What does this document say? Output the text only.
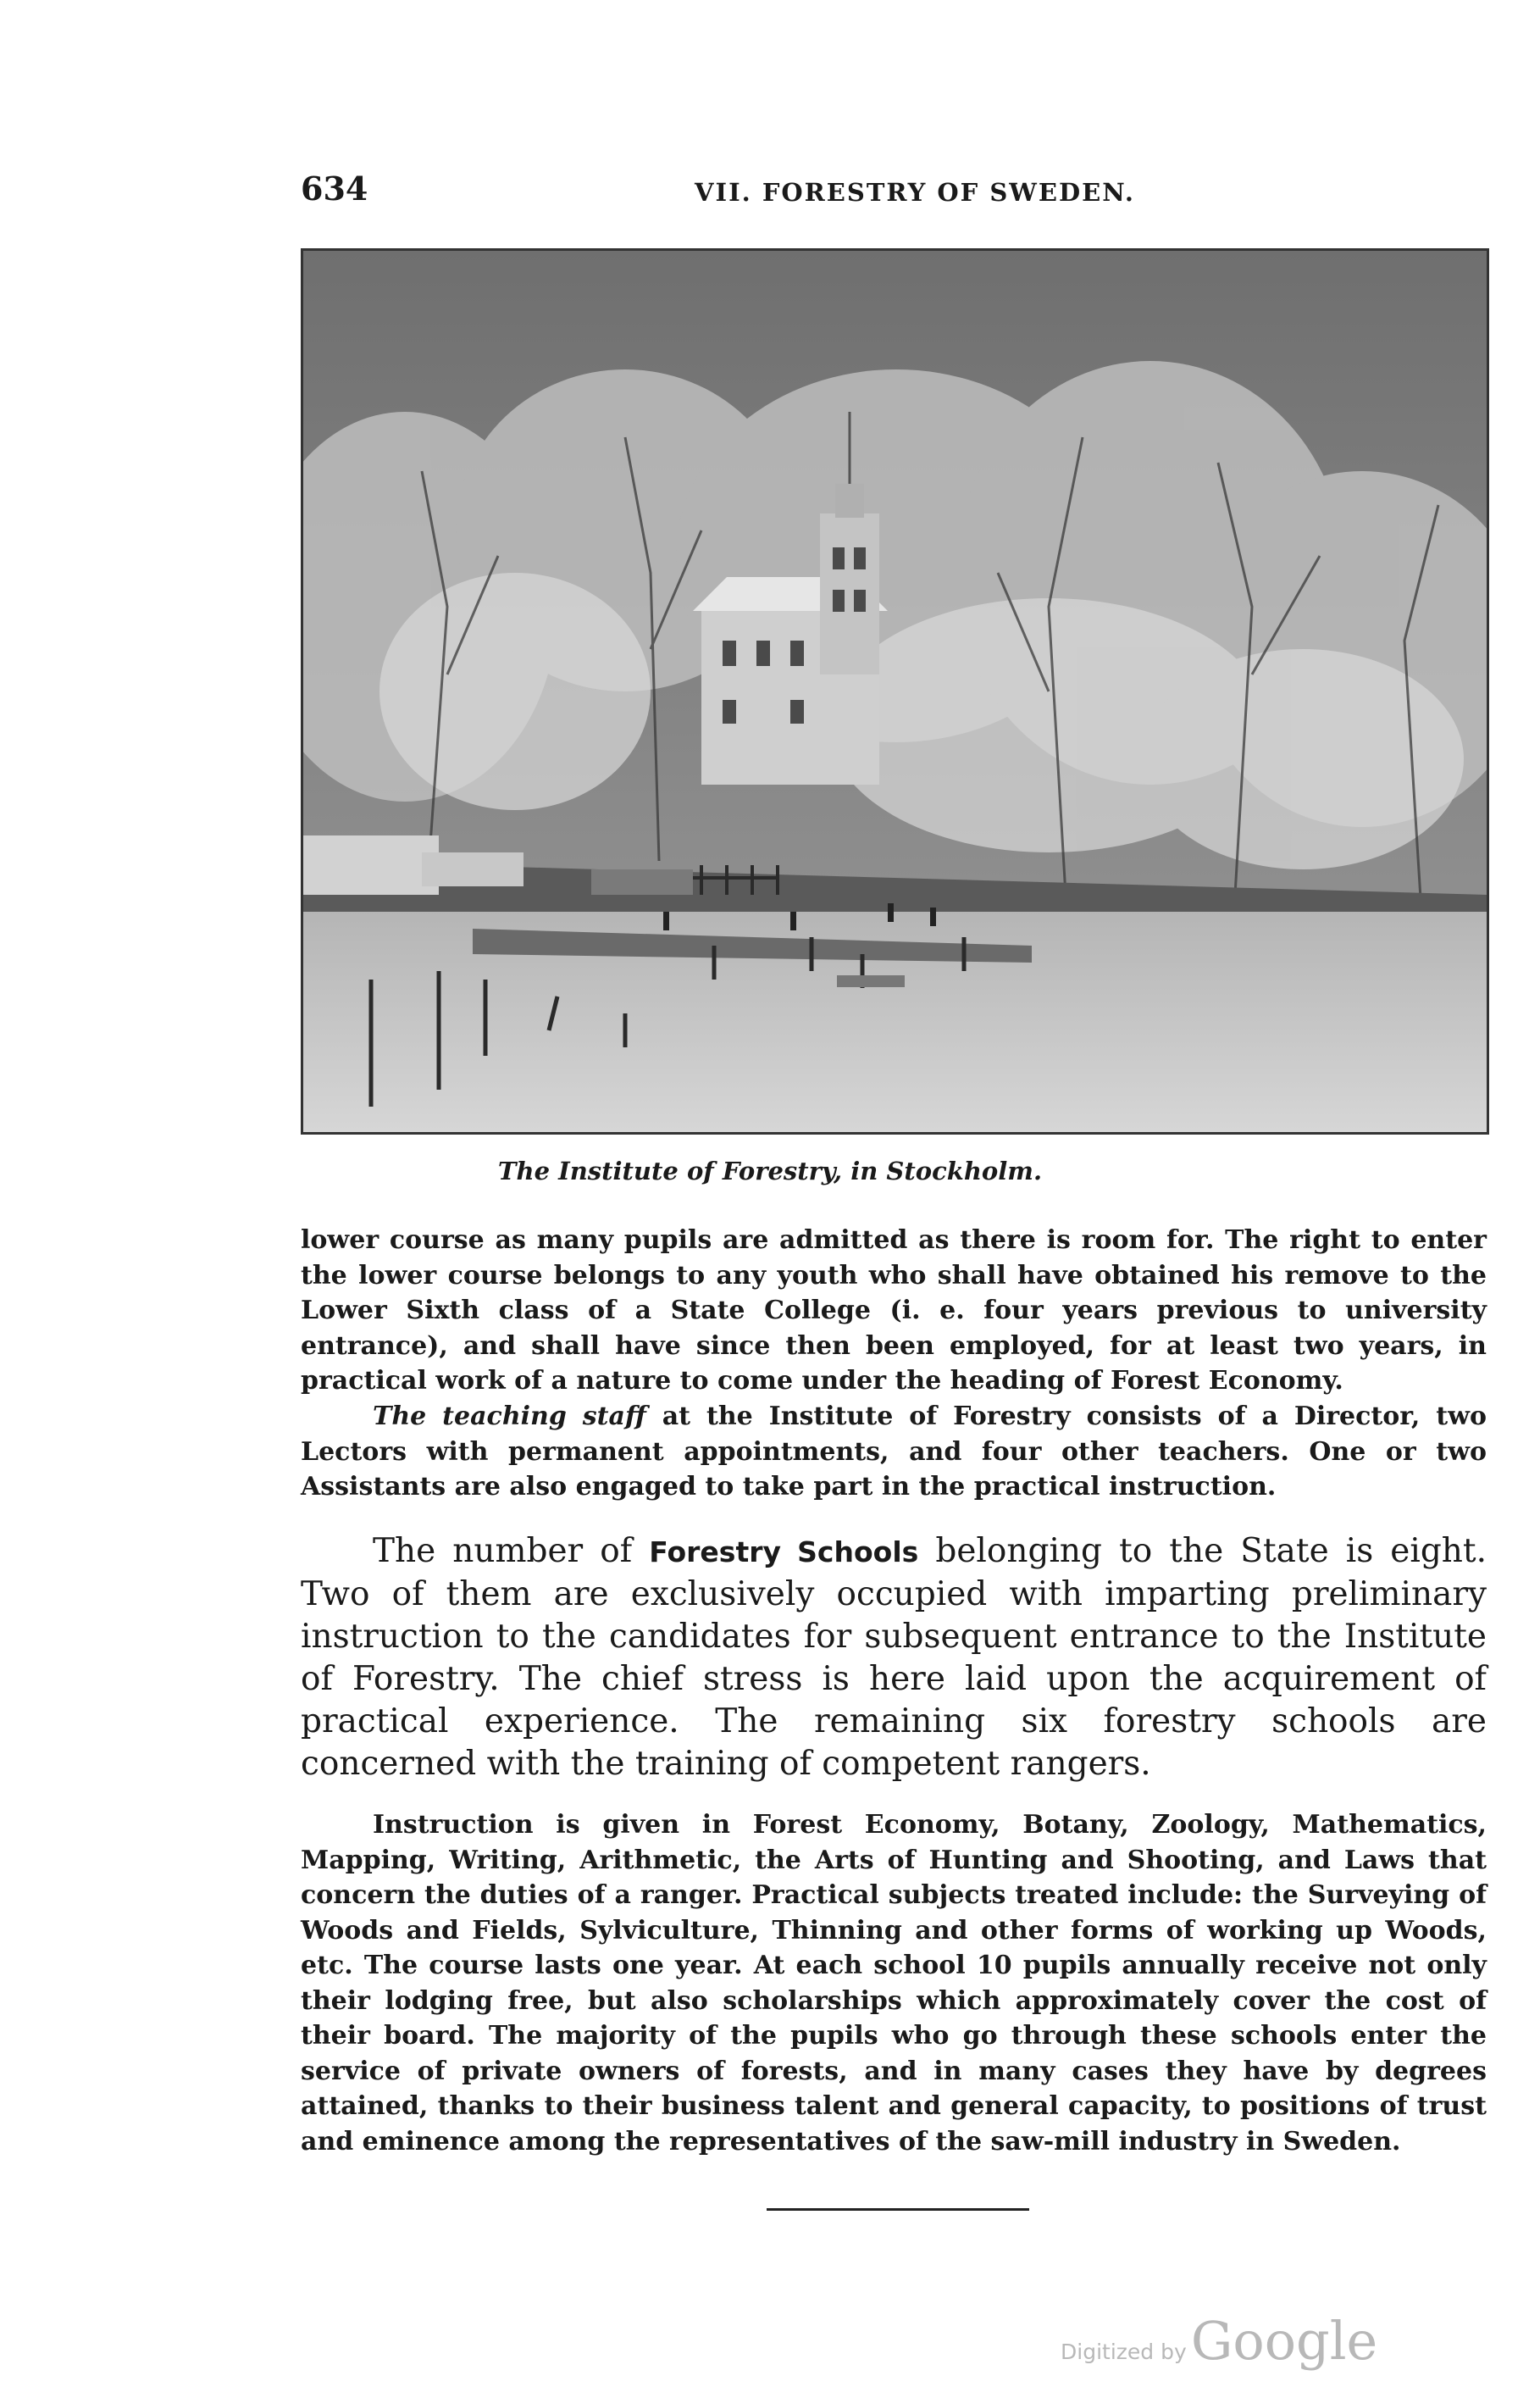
634	VII. FORESTRY OF SWEDEN.
The Institute of Forestry, in Stockholm.
lower course as many pupils are admitted as there is room for. The right to enter the lower course belongs to any youth who shall have obtained his remove to the Lower Sixth class of a State College (i. e. four years previous to university entrance), and shall have since then been employed, for at least two years, in practical work of a nature to come under the heading of Forest Economy.
The teaching staff at the Institute of Forestry consists of a Director, two Lectors with permanent appointments, and four other teachers. One or two Assistants are also engaged to take part in the practical instruction.
The number of Forestry Schools belonging to the State is eight. Two of them are exclusively occupied with imparting preliminary instruction to the candidates for subsequent entrance to the Institute of Forestry. The chief stress is here laid upon the acquirement of practical experience. The remaining six forestry schools are concerned with the training of competent rangers.
Instruction is given in Forest Economy, Botany, Zoology, Mathematics, Mapping, Writing, Arithmetic, the Arts of Hunting and Shooting, and Laws that concern the duties of a ranger. Practical subjects treated include: the Surveying of Woods and Fields, Sylviculture, Thinning and other forms of working up Woods, etc. The course lasts one year. At each school 10 pupils annually receive not only their lodging free, but also scholarships which approximately cover the cost of their board. The majority of the pupils who go through these schools enter the service of private owners of forests, and in many cases they have by degrees attained, thanks to their business talent and general capacity, to positions of trust and eminence among the representatives of the saw-mill industry in Sweden.
Digitized by Google
